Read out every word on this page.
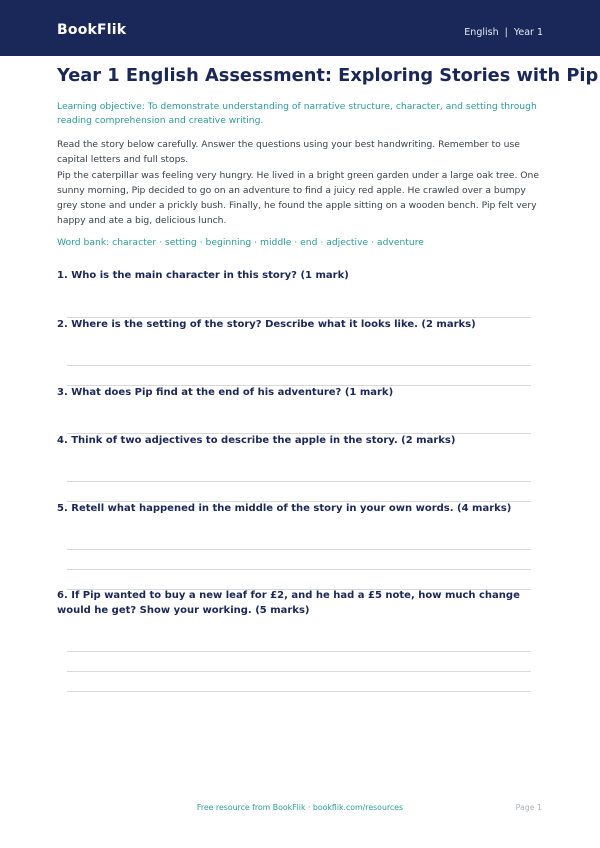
BookFlik	English | Year 1
Year 1 English Assessment: Exploring Stories with Pip

Learning objective: To demonstrate understanding of narrative structure, character, and setting through reading comprehension and creative writing.

Read the story below carefully. Answer the questions using your best handwriting. Remember to use capital letters and full stops.

Pip the caterpillar was feeling very hungry. He lived in a bright green garden under a large oak tree. One sunny morning, Pip decided to go on an adventure to find a juicy red apple. He crawled over a bumpy grey stone and under a prickly bush. Finally, he found the apple sitting on a wooden bench. Pip felt very happy and ate a big, delicious lunch.

Word bank: character · setting · beginning · middle · end · adjective · adventure

1. Who is the main character in this story? (1 mark)

2. Where is the setting of the story? Describe what it looks like. (2 marks)

3. What does Pip find at the end of his adventure? (1 mark)

4. Think of two adjectives to describe the apple in the story. (2 marks)

5. Retell what happened in the middle of the story in your own words. (4 marks)

6. If Pip wanted to buy a new leaf for £2, and he had a £5 note, how much change would he get? Show your working. (5 marks)

Free resource from BookFlik · bookflik.com/resources	Page 1
